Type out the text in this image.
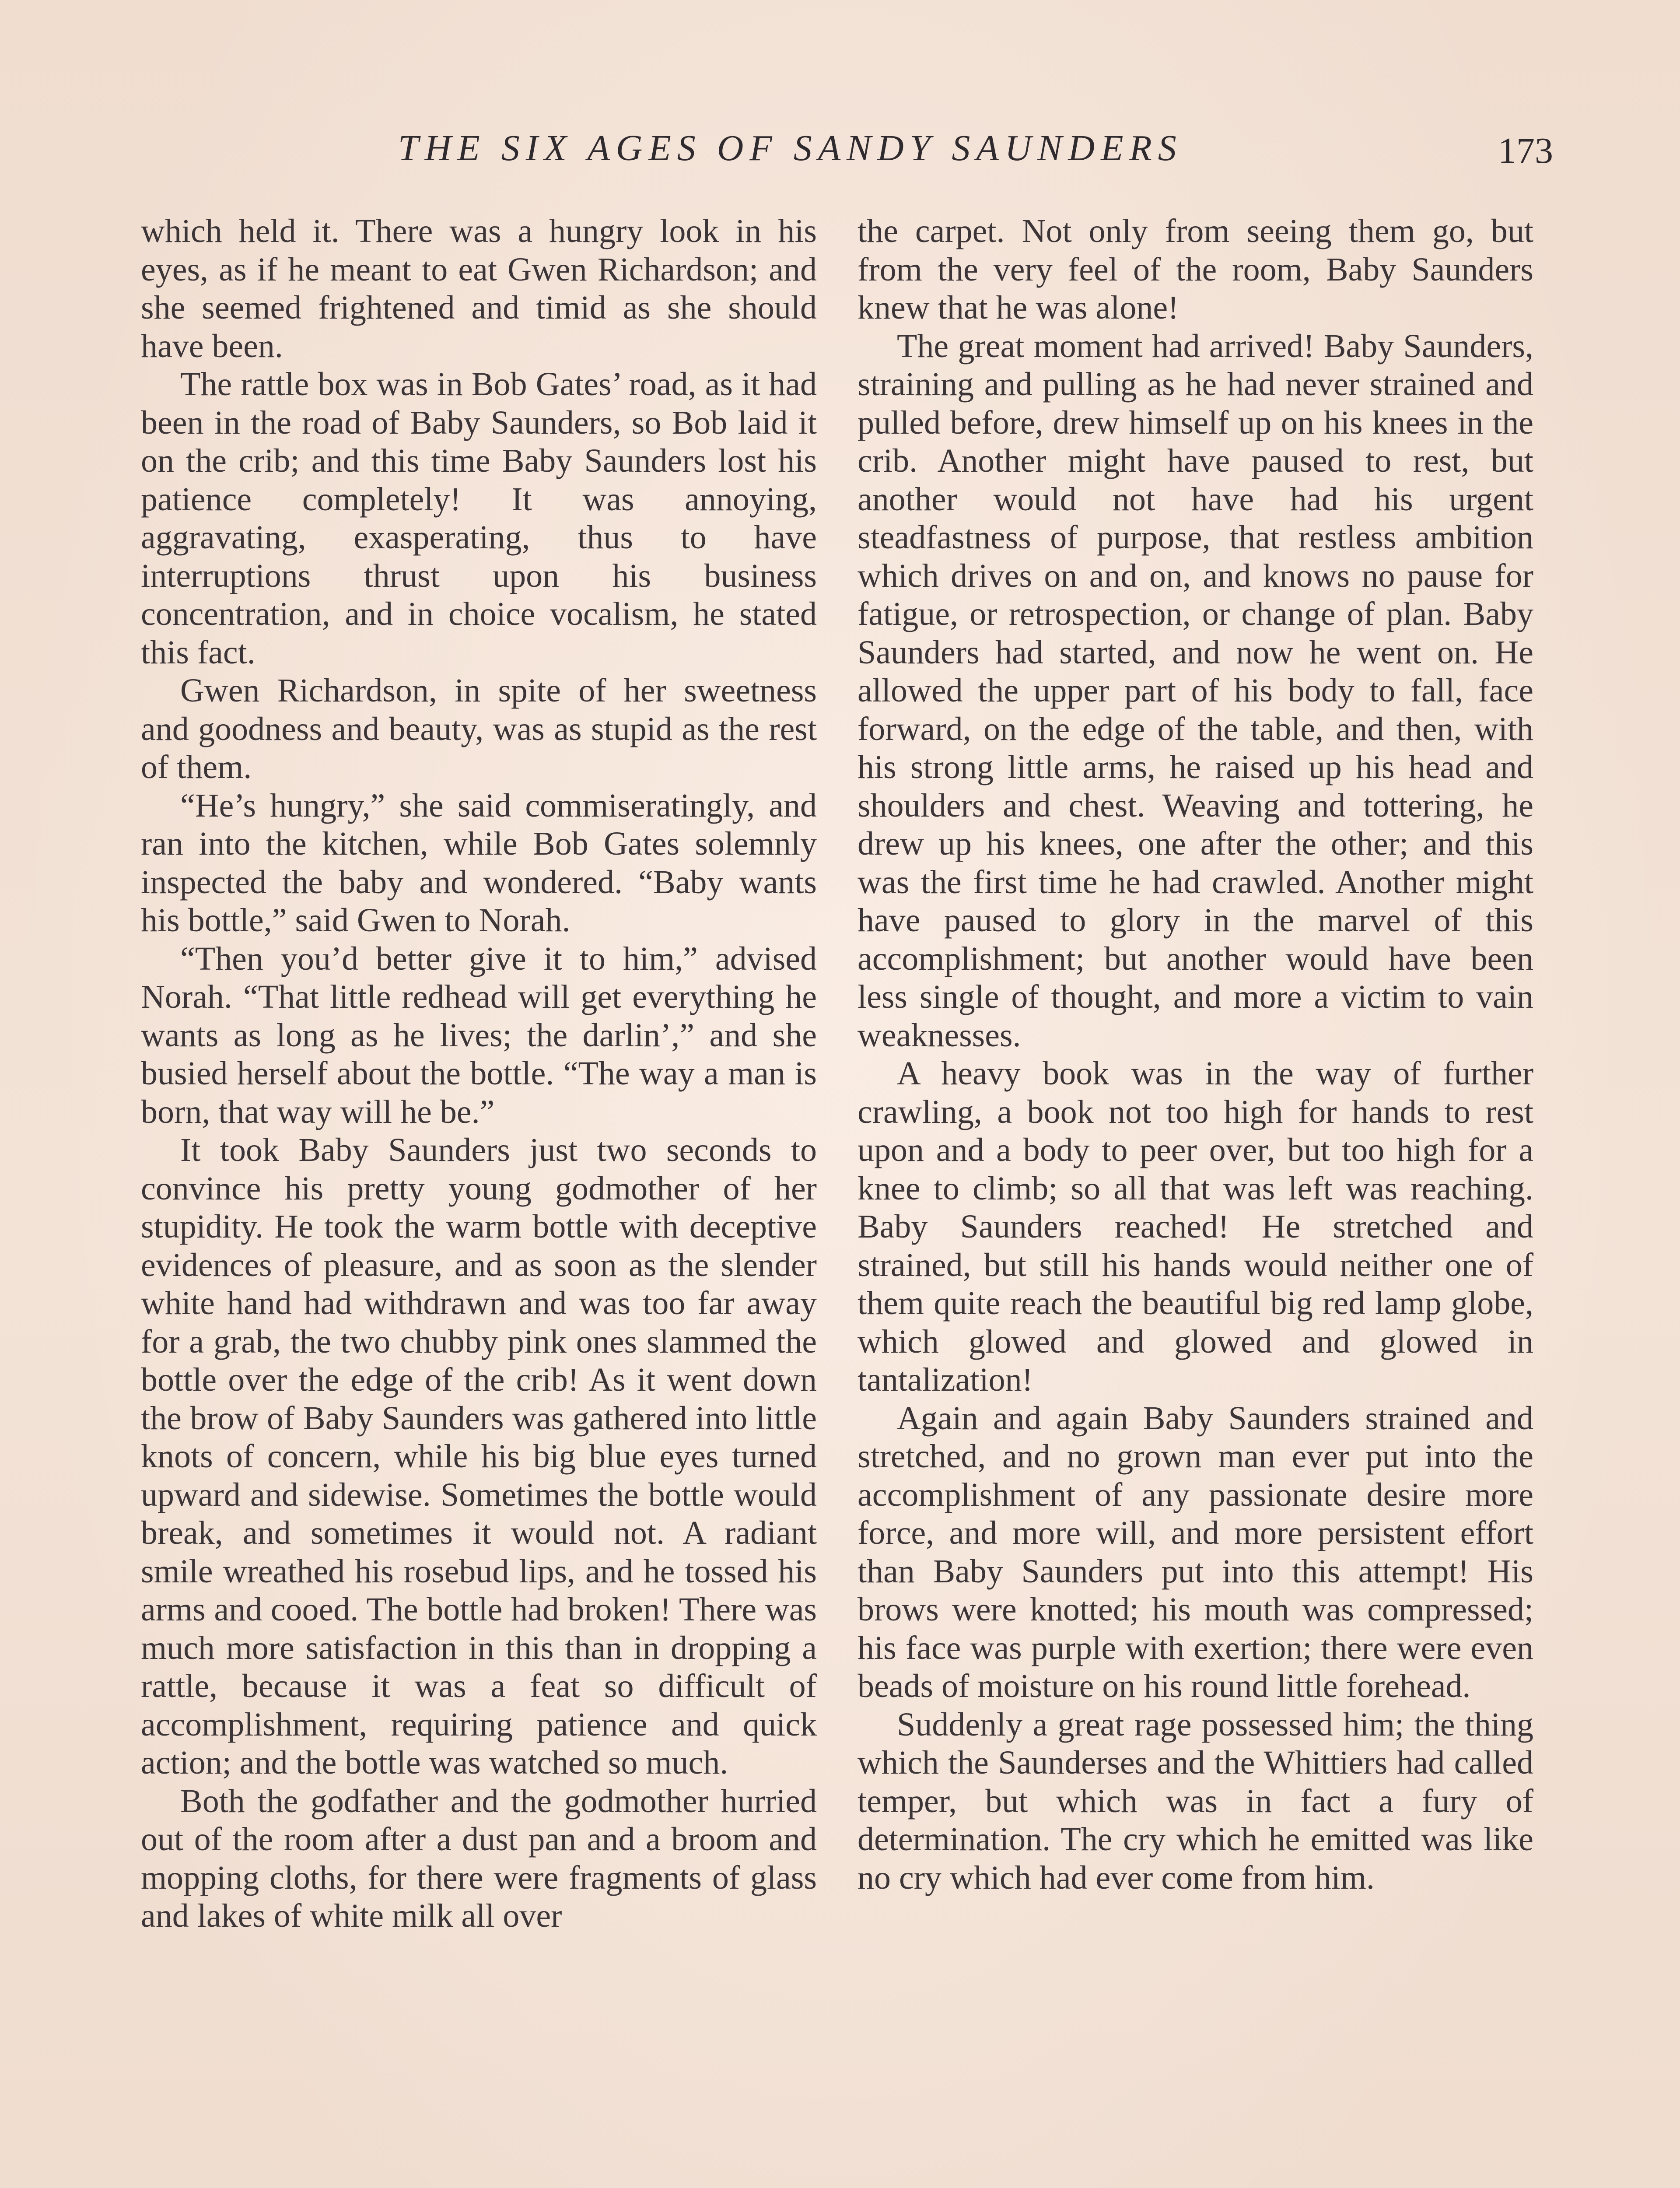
THE SIX AGES OF SANDY SAUNDERS	173

which held it. There was a hungry look in his eyes, as if he meant to eat Gwen Richardson; and she seemed frightened and timid as she should have been.

The rattle box was in Bob Gates’ road, as it had been in the road of Baby Saunders, so Bob laid it on the crib; and this time Baby Saunders lost his patience completely! It was annoying, aggravating, exasperating, thus to have interruptions thrust upon his business concentration, and in choice vocalism, he stated this fact.

Gwen Richardson, in spite of her sweetness and goodness and beauty, was as stupid as the rest of them.

“He’s hungry,” she said commiseratingly, and ran into the kitchen, while Bob Gates solemnly inspected the baby and wondered. “Baby wants his bottle,” said Gwen to Norah.

“Then you’d better give it to him,” advised Norah. “That little redhead will get everything he wants as long as he lives; the darlin’,” and she busied herself about the bottle. “The way a man is born, that way will he be.”

It took Baby Saunders just two seconds to convince his pretty young godmother of her stupidity. He took the warm bottle with deceptive evidences of pleasure, and as soon as the slender white hand had withdrawn and was too far away for a grab, the two chubby pink ones slammed the bottle over the edge of the crib! As it went down the brow of Baby Saunders was gathered into little knots of concern, while his big blue eyes turned upward and sidewise. Sometimes the bottle would break, and sometimes it would not. A radiant smile wreathed his rosebud lips, and he tossed his arms and cooed. The bottle had broken! There was much more satisfaction in this than in dropping a rattle, because it was a feat so difficult of accomplishment, requiring patience and quick action; and the bottle was watched so much.

Both the godfather and the godmother hurried out of the room after a dust pan and a broom and mopping cloths, for there were fragments of glass and lakes of white milk all over

the carpet. Not only from seeing them go, but from the very feel of the room, Baby Saunders knew that he was alone!

The great moment had arrived! Baby Saunders, straining and pulling as he had never strained and pulled before, drew himself up on his knees in the crib. Another might have paused to rest, but another would not have had his urgent steadfastness of purpose, that restless ambition which drives on and on, and knows no pause for fatigue, or retrospection, or change of plan. Baby Saunders had started, and now he went on. He allowed the upper part of his body to fall, face forward, on the edge of the table, and then, with his strong little arms, he raised up his head and shoulders and chest. Weaving and tottering, he drew up his knees, one after the other; and this was the first time he had crawled. Another might have paused to glory in the marvel of this accomplishment; but another would have been less single of thought, and more a victim to vain weaknesses.

A heavy book was in the way of further crawling, a book not too high for hands to rest upon and a body to peer over, but too high for a knee to climb; so all that was left was reaching. Baby Saunders reached! He stretched and strained, but still his hands would neither one of them quite reach the beautiful big red lamp globe, which glowed and glowed and glowed in tantalization!

Again and again Baby Saunders strained and stretched, and no grown man ever put into the accomplishment of any passionate desire more force, and more will, and more persistent effort than Baby Saunders put into this attempt! His brows were knotted; his mouth was compressed; his face was purple with exertion; there were even beads of moisture on his round little forehead.

Suddenly a great rage possessed him; the thing which the Saunderses and the Whittiers had called temper, but which was in fact a fury of determination. The cry which he emitted was like no cry which had ever come from him.
